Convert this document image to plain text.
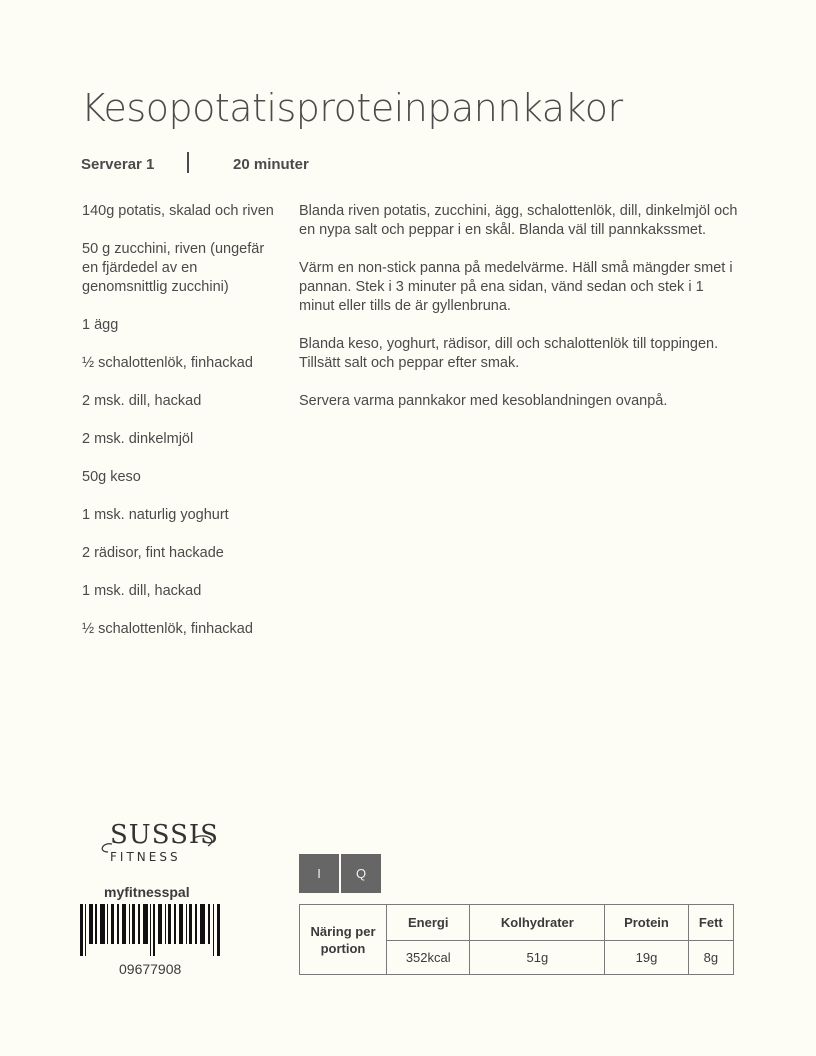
Kesopotatisproteinpannkakor
Serverar 1	20 minuter
140g potatis, skalad och riven
50 g zucchini, riven (ungefär en fjärdedel av en genomsnittlig zucchini)
1 ägg
½ schalottenlök, finhackad
2 msk. dill, hackad
2 msk. dinkelmjöl
50g keso
1 msk. naturlig yoghurt
2 rädisor, fint hackade
1 msk. dill, hackad
½ schalottenlök, finhackad

Blanda riven potatis, zucchini, ägg, schalottenlök, dill, dinkelmjöl och en nypa salt och peppar i en skål. Blanda väl till pannkakssmet.

Värm en non-stick panna på medelvärme. Häll små mängder smet i pannan. Stek i 3 minuter på ena sidan, vänd sedan och stek i 1 minut eller tills de är gyllenbruna.

Blanda keso, yoghurt, rädisor, dill och schalottenlök till toppingen. Tillsätt salt och peppar efter smak.

Servera varma pannkakor med kesoblandningen ovanpå.

SUSSIS
FITNESS
myfitnesspal
09677908
I	Q
Näring per portion	Energi	Kolhydrater	Protein	Fett
	352kcal	51g	19g	8g
